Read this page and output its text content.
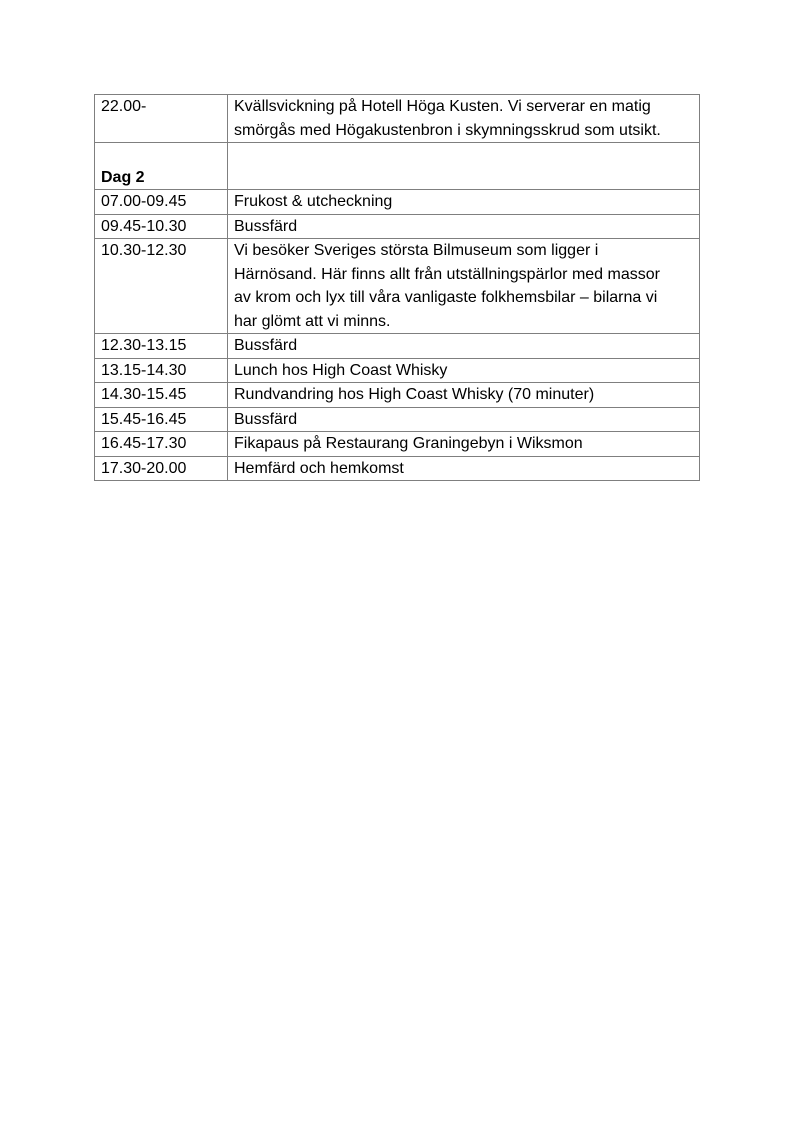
22.00-	Kvällsvickning på Hotell Höga Kusten. Vi serverar en matig
smörgås med Högakustenbron i skymningsskrud som utsikt.

Dag 2	
07.00-09.45	Frukost & utcheckning

09.45-10.30	Bussfärd

10.30-12.30	Vi besöker Sveriges största Bilmuseum som ligger i
Härnösand. Här finns allt från utställningspärlor med massor
av krom och lyx till våra vanligaste folkhemsbilar – bilarna vi
har glömt att vi minns.

12.30-13.15	Bussfärd

13.15-14.30	Lunch hos High Coast Whisky

14.30-15.45	Rundvandring hos High Coast Whisky (70 minuter)

15.45-16.45	Bussfärd

16.45-17.30	Fikapaus på Restaurang Graningebyn i Wiksmon

17.30-20.00	Hemfärd och hemkomst
